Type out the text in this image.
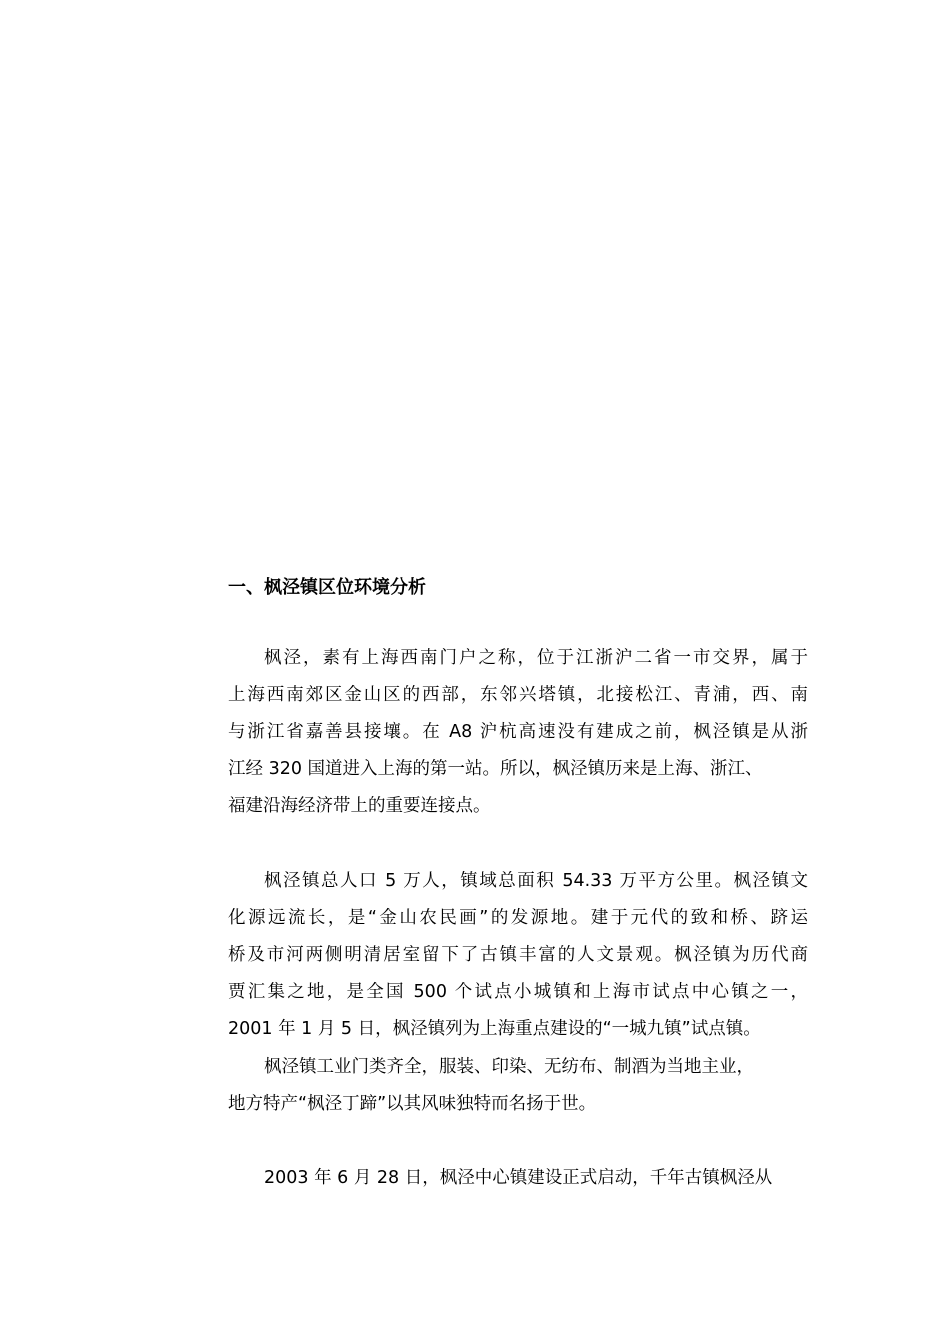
一、枫泾镇区位环境分析
枫泾，素有上海西南门户之称，位于江浙沪二省一市交界，属于
上海西南郊区金山区的西部，东邻兴塔镇，北接松江、青浦，西、南
与浙江省嘉善县接壤。在 A8 沪杭高速没有建成之前，枫泾镇是从浙
江经 320 国道进入上海的第一站。所以，枫泾镇历来是上海、浙江、
福建沿海经济带上的重要连接点。
枫泾镇总人口 5 万人，镇域总面积 54.33 万平方公里。枫泾镇文
化源远流长，是“金山农民画”的发源地。建于元代的致和桥、跻运
桥及市河两侧明清居室留下了古镇丰富的人文景观。枫泾镇为历代商
贾汇集之地，是全国 500 个试点小城镇和上海市试点中心镇之一，
2001 年 1 月 5 日，枫泾镇列为上海重点建设的“一城九镇”试点镇。
枫泾镇工业门类齐全，服装、印染、无纺布、制酒为当地主业，
地方特产“枫泾丁蹄”以其风味独特而名扬于世。
2003 年 6 月 28 日，枫泾中心镇建设正式启动，千年古镇枫泾从
